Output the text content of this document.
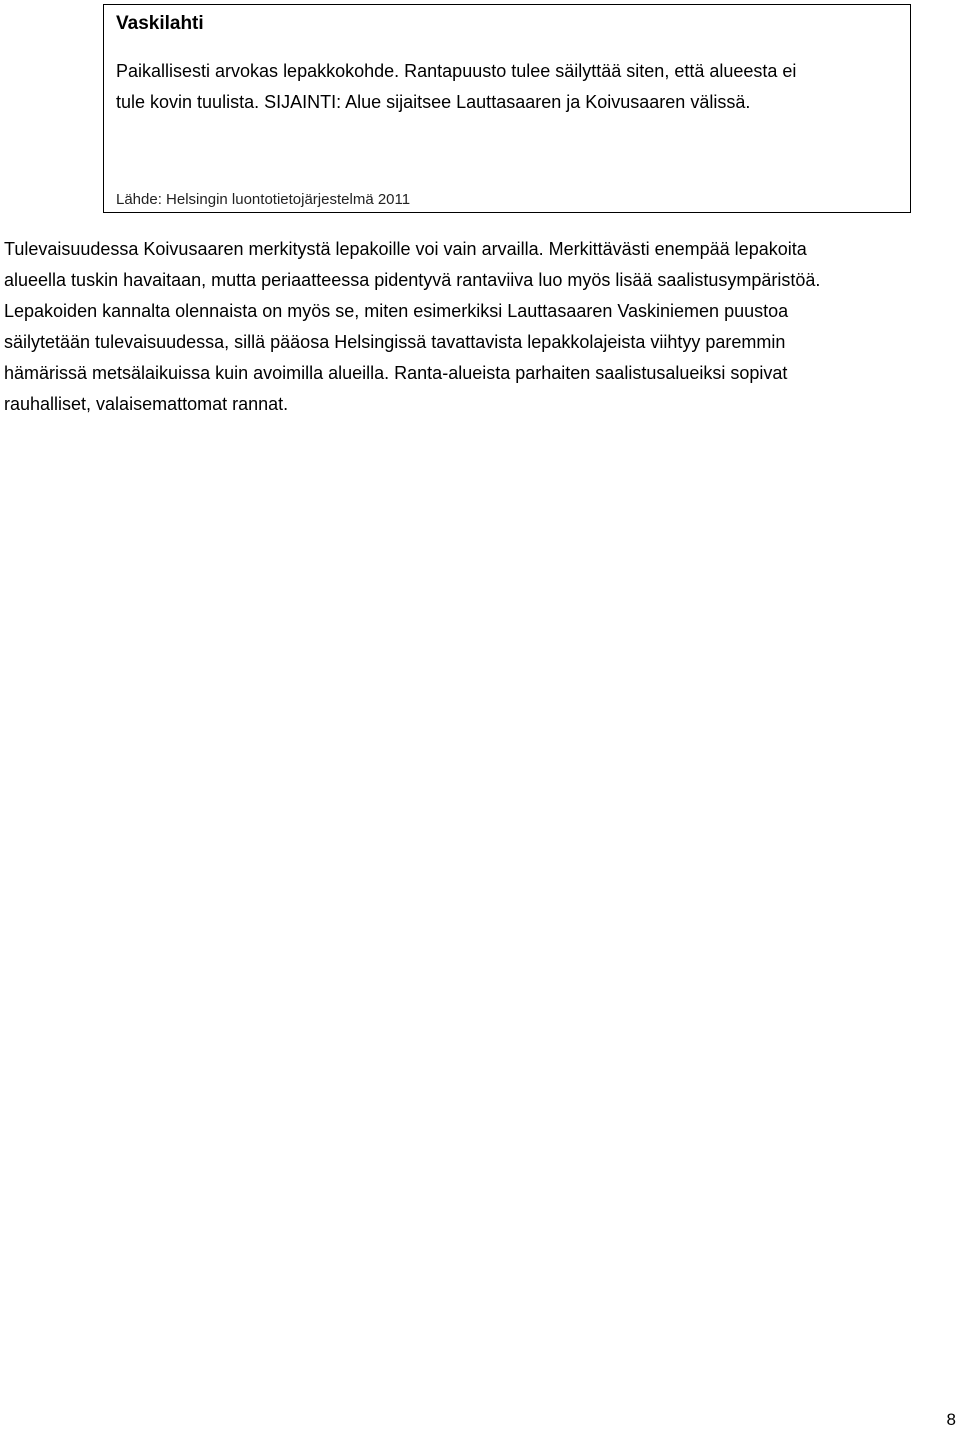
Vaskilahti
Paikallisesti arvokas lepakkokohde. Rantapuusto tulee säilyttää siten, että alueesta ei
tule kovin tuulista. SIJAINTI: Alue sijaitsee Lauttasaaren ja Koivusaaren välissä.
Lähde: Helsingin luontotietojärjestelmä 2011
Tulevaisuudessa Koivusaaren merkitystä lepakoille voi vain arvailla. Merkittävästi enempää lepakoita
alueella tuskin havaitaan, mutta periaatteessa pidentyvä rantaviiva luo myös lisää saalistusympäristöä.
Lepakoiden kannalta olennaista on myös se, miten esimerkiksi Lauttasaaren Vaskiniemen puustoa
säilytetään tulevaisuudessa, sillä pääosa Helsingissä tavattavista lepakkolajeista viihtyy paremmin
hämärissä metsälaikuissa kuin avoimilla alueilla. Ranta-alueista parhaiten saalistusalueiksi sopivat
rauhalliset, valaisemattomat rannat.
8
